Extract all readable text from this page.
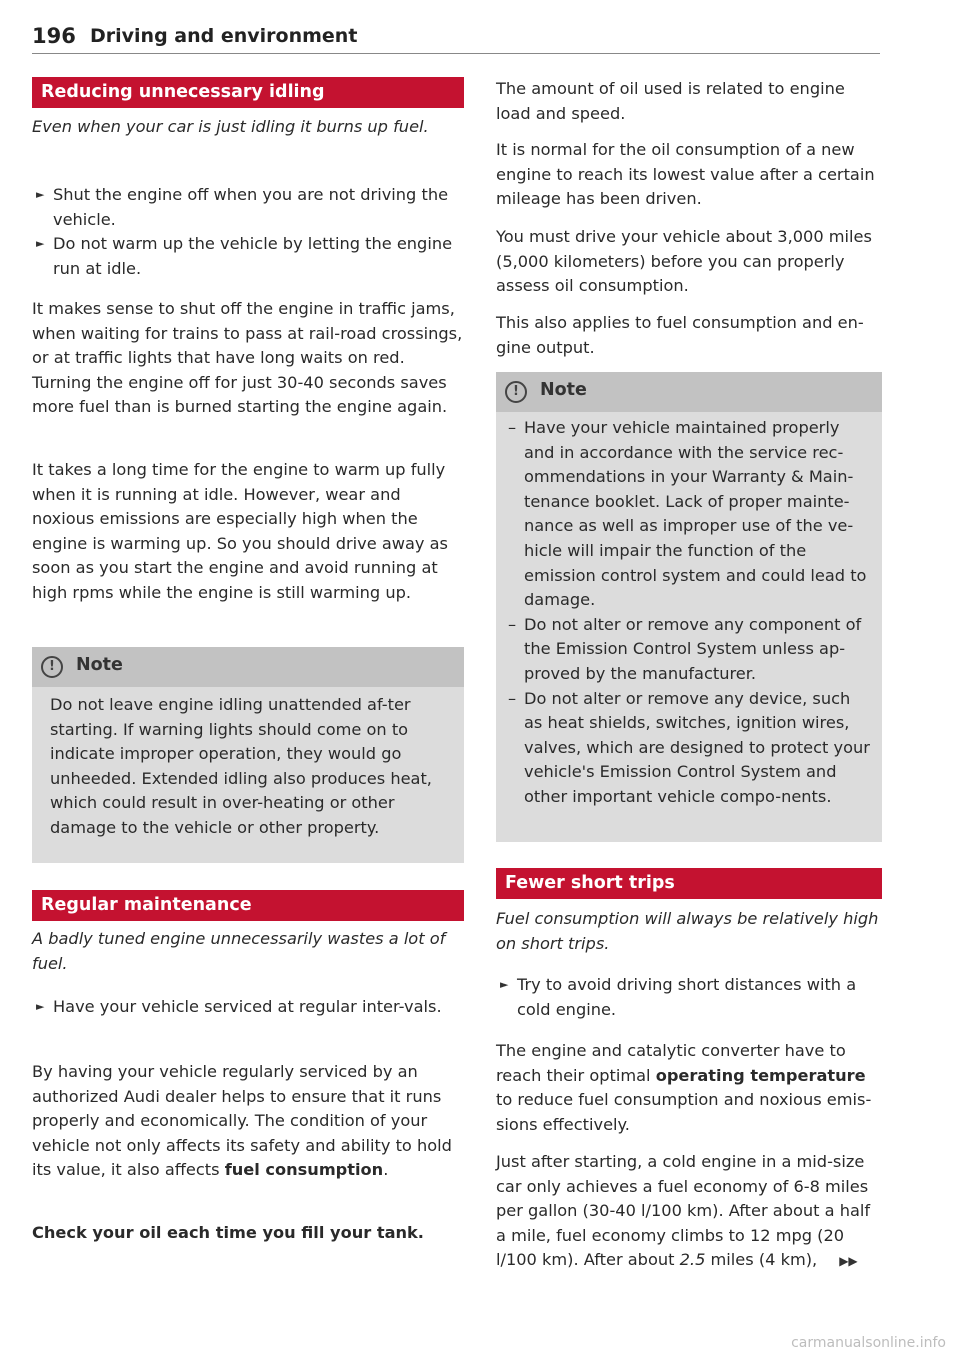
196 Driving and environment
Reducing unnecessary idling

Even when your car is just idling it burns up fuel.

► Shut the engine off when you are not driving the vehicle.

► Do not warm up the vehicle by letting the engine run at idle.

It makes sense to shut off the engine in traffic jams, when waiting for trains to pass at rail-road crossings, or at traffic lights that have long waits on red. Turning the engine off for just 30-40 seconds saves more fuel than is burned starting the engine again.

It takes a long time for the engine to warm up fully when it is running at idle. However, wear and noxious emissions are especially high when the engine is warming up. So you should drive away as soon as you start the engine and avoid running at high rpms while the engine is still warming up.

!	Note

Do not leave engine idling unattended af-ter starting. If warning lights should come on to indicate improper operation, they would go unheeded. Extended idling also produces heat, which could result in over-heating or other damage to the vehicle or other property.

Regular maintenance

A badly tuned engine unnecessarily wastes a lot of fuel.

► Have your vehicle serviced at regular inter-vals.

By having your vehicle regularly serviced by an authorized Audi dealer helps to ensure that it runs properly and economically. The condition of your vehicle not only affects its safety and ability to hold its value, it also affects fuel consumption.

Check your oil each time you fill your tank.

The amount of oil used is related to engine load and speed.

It is normal for the oil consumption of a new engine to reach its lowest value after a certain mileage has been driven.

You must drive your vehicle about 3,000 miles (5,000 kilometers) before you can properly assess oil consumption.

This also applies to fuel consumption and en-gine output.

!	Note

– Have your vehicle maintained properly and in accordance with the service rec-ommendations in your Warranty & Main-tenance booklet. Lack of proper mainte-nance as well as improper use of the ve-hicle will impair the function of the emission control system and could lead to damage.

– Do not alter or remove any component of the Emission Control System unless ap-proved by the manufacturer.

– Do not alter or remove any device, such as heat shields, switches, ignition wires, valves, which are designed to protect your vehicle's Emission Control System and other important vehicle compo-nents.

Fewer short trips

Fuel consumption will always be relatively high on short trips.

► Try to avoid driving short distances with a cold engine.

The engine and catalytic converter have to reach their optimal operating temperature to reduce fuel consumption and noxious emis-sions effectively.

Just after starting, a cold engine in a mid-size car only achieves a fuel economy of 6-8 miles per gallon (30-40 l/100 km). After about a half a mile, fuel economy climbs to 12 mpg (20 l/100 km). After about 2.5 miles (4 km), ▶▶

carmanualsonline.info
